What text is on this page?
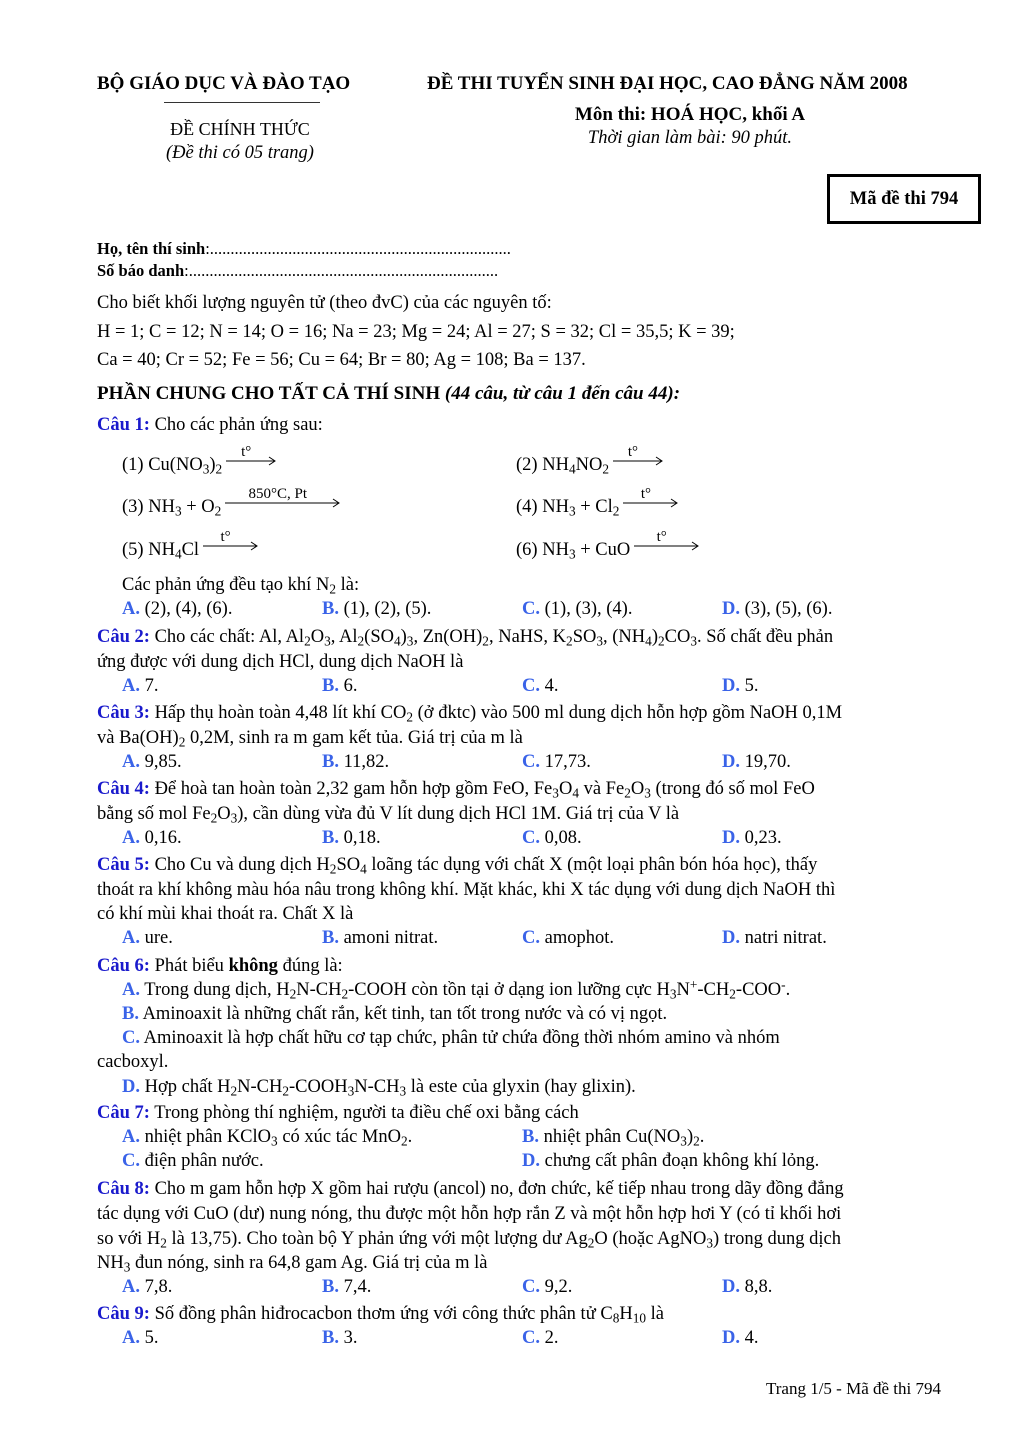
BỘ GIÁO DỤC VÀ ĐÀO TẠO
ĐỀ CHÍNH THỨC
(Đề thi có 05 trang)
ĐỀ THI TUYỂN SINH ĐẠI HỌC, CAO ĐẲNG NĂM 2008
Môn thi: HOÁ HỌC, khối A
Thời gian làm bài: 90 phút.
Mã đề thi 794
Họ, tên thí sinh:.........................................................................
Số báo danh:...........................................................................
Cho biết khối lượng nguyên tử (theo đvC) của các nguyên tố:
H = 1; C = 12; N = 14; O = 16; Na = 23; Mg = 24; Al = 27; S = 32; Cl = 35,5; K = 39;
Ca = 40; Cr = 52; Fe = 56; Cu = 64; Br = 80; Ag = 108; Ba = 137.
PHẦN CHUNG CHO TẤT CẢ THÍ SINH (44 câu, từ câu 1 đến câu 44):
Câu 1: Cho các phản ứng sau:
Các phản ứng đều tạo khí $N_2$ là:
Câu 2: Cho các chất: Al, $Al_2O_3$, $Al_2(SO_4)_3$, $Zn(OH)_2$, NaHS, $K_2SO_3$, $(NH_4)_2CO_3$. Số chất đều phản
ứng được với dung dịch HCl, dung dịch NaOH là
Câu 3: Hấp thụ hoàn toàn 4,48 lít khí $CO_2$ (ở đktc) vào 500 ml dung dịch hỗn hợp gồm NaOH 0,1M
và $Ba(OH)_2$ 0,2M, sinh ra m gam kết tủa. Giá trị của m là
Câu 4: Để hoà tan hoàn toàn 2,32 gam hỗn hợp gồm FeO, $Fe_3O_4$ và $Fe_2O_3$ (trong đó số mol FeO
bằng số mol $Fe_2O_3$), cần dùng vừa đủ V lít dung dịch HCl 1M. Giá trị của V là
Câu 5: Cho Cu và dung dịch $H_2SO_4$ loãng tác dụng với chất X (một loại phân bón hóa học), thấy
thoát ra khí không màu hóa nâu trong không khí. Mặt khác, khi X tác dụng với dung dịch NaOH thì
có khí mùi khai thoát ra. Chất X là
Câu 6: Phát biểu không đúng là:
Câu 7: Trong phòng thí nghiệm, người ta điều chế oxi bằng cách
Câu 8: Cho m gam hỗn hợp X gồm hai rượu (ancol) no, đơn chức, kế tiếp nhau trong dãy đồng đẳng
tác dụng với CuO (dư) nung nóng, thu được một hỗn hợp rắn Z và một hỗn hợp hơi Y (có tỉ khối hơi
so với $H_2$ là 13,75). Cho toàn bộ Y phản ứng với một lượng dư $Ag_2O$ (hoặc AgNO$_3$) trong dung dịch
$NH_3$ đun nóng, sinh ra 64,8 gam Ag. Giá trị của m là
Câu 9: Số đồng phân hiđrocacbon thơm ứng với công thức phân tử $C_8H_{10}$ là
Trang 1/5 - Mã đề thi 794
(1) $Cu(NO_3)_2$
t°
(2) $NH_4NO_2$
t°
(3) $NH_3 + O_2$
850°C, Pt
(4) $NH_3 + Cl_2$
t°
(5) $NH_4Cl$
t°
(6) $NH_3$ + CuO
t°
A. (2), (4), (6).	B. (1), (2), (5).	C. (1), (3), (4).	D. (3), (5), (6).
A. 7.	B. 6.	C. 4.	D. 5.
A. 9,85.	B. 11,82.	C. 17,73.	D. 19,70.
A. 0,16.	B. 0,18.	C. 0,08.	D. 0,23.
A. ure.	B. amoni nitrat.	C. amophot.	D. natri nitrat.
A. Trong dung dịch, $H_2N-CH_2$-COOH còn tồn tại ở dạng ion lưỡng cực $H_3N^+-CH_2-COO^-$.
B. Aminoaxit là những chất rắn, kết tinh, tan tốt trong nước và có vị ngọt.
C. Aminoaxit là hợp chất hữu cơ tạp chức, phân tử chứa đồng thời nhóm amino và nhóm
cacboxyl.
D. Hợp chất $H_2N-CH_2-COOH_3N-CH_3$ là este của glyxin (hay glixin).
A. nhiệt phân KClO$_3$ có xúc tác MnO$_2$.	B. nhiệt phân $Cu(NO_3)_2$.
C. điện phân nước.	D. chưng cất phân đoạn không khí lỏng.
A. 7,8.	B. 7,4.	C. 9,2.	D. 8,8.
A. 5.	B. 3.	C. 2.	D. 4.
